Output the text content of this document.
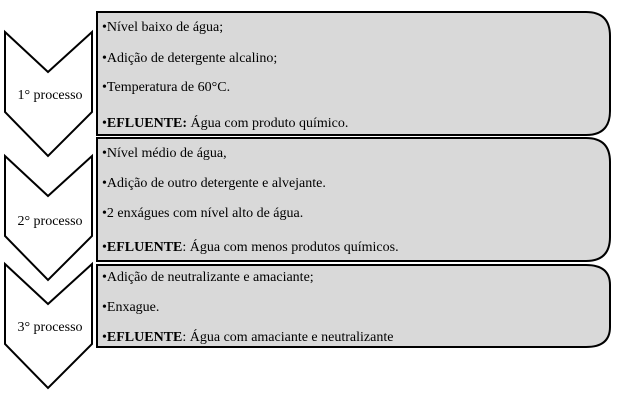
1° processo
2° processo
3° processo
•Nível baixo de água;
•Adição de detergente alcalino;
•Temperatura de 60°C.
•EFLUENTE: Água com produto químico.
•Nível médio de água,
•Adição de outro detergente e alvejante.
•2 enxágues com nível alto de água.
•EFLUENTE: Água com menos produtos químicos.
•Adição de neutralizante e amaciante;
•Enxague.
•EFLUENTE: Água com amaciante e neutralizante
